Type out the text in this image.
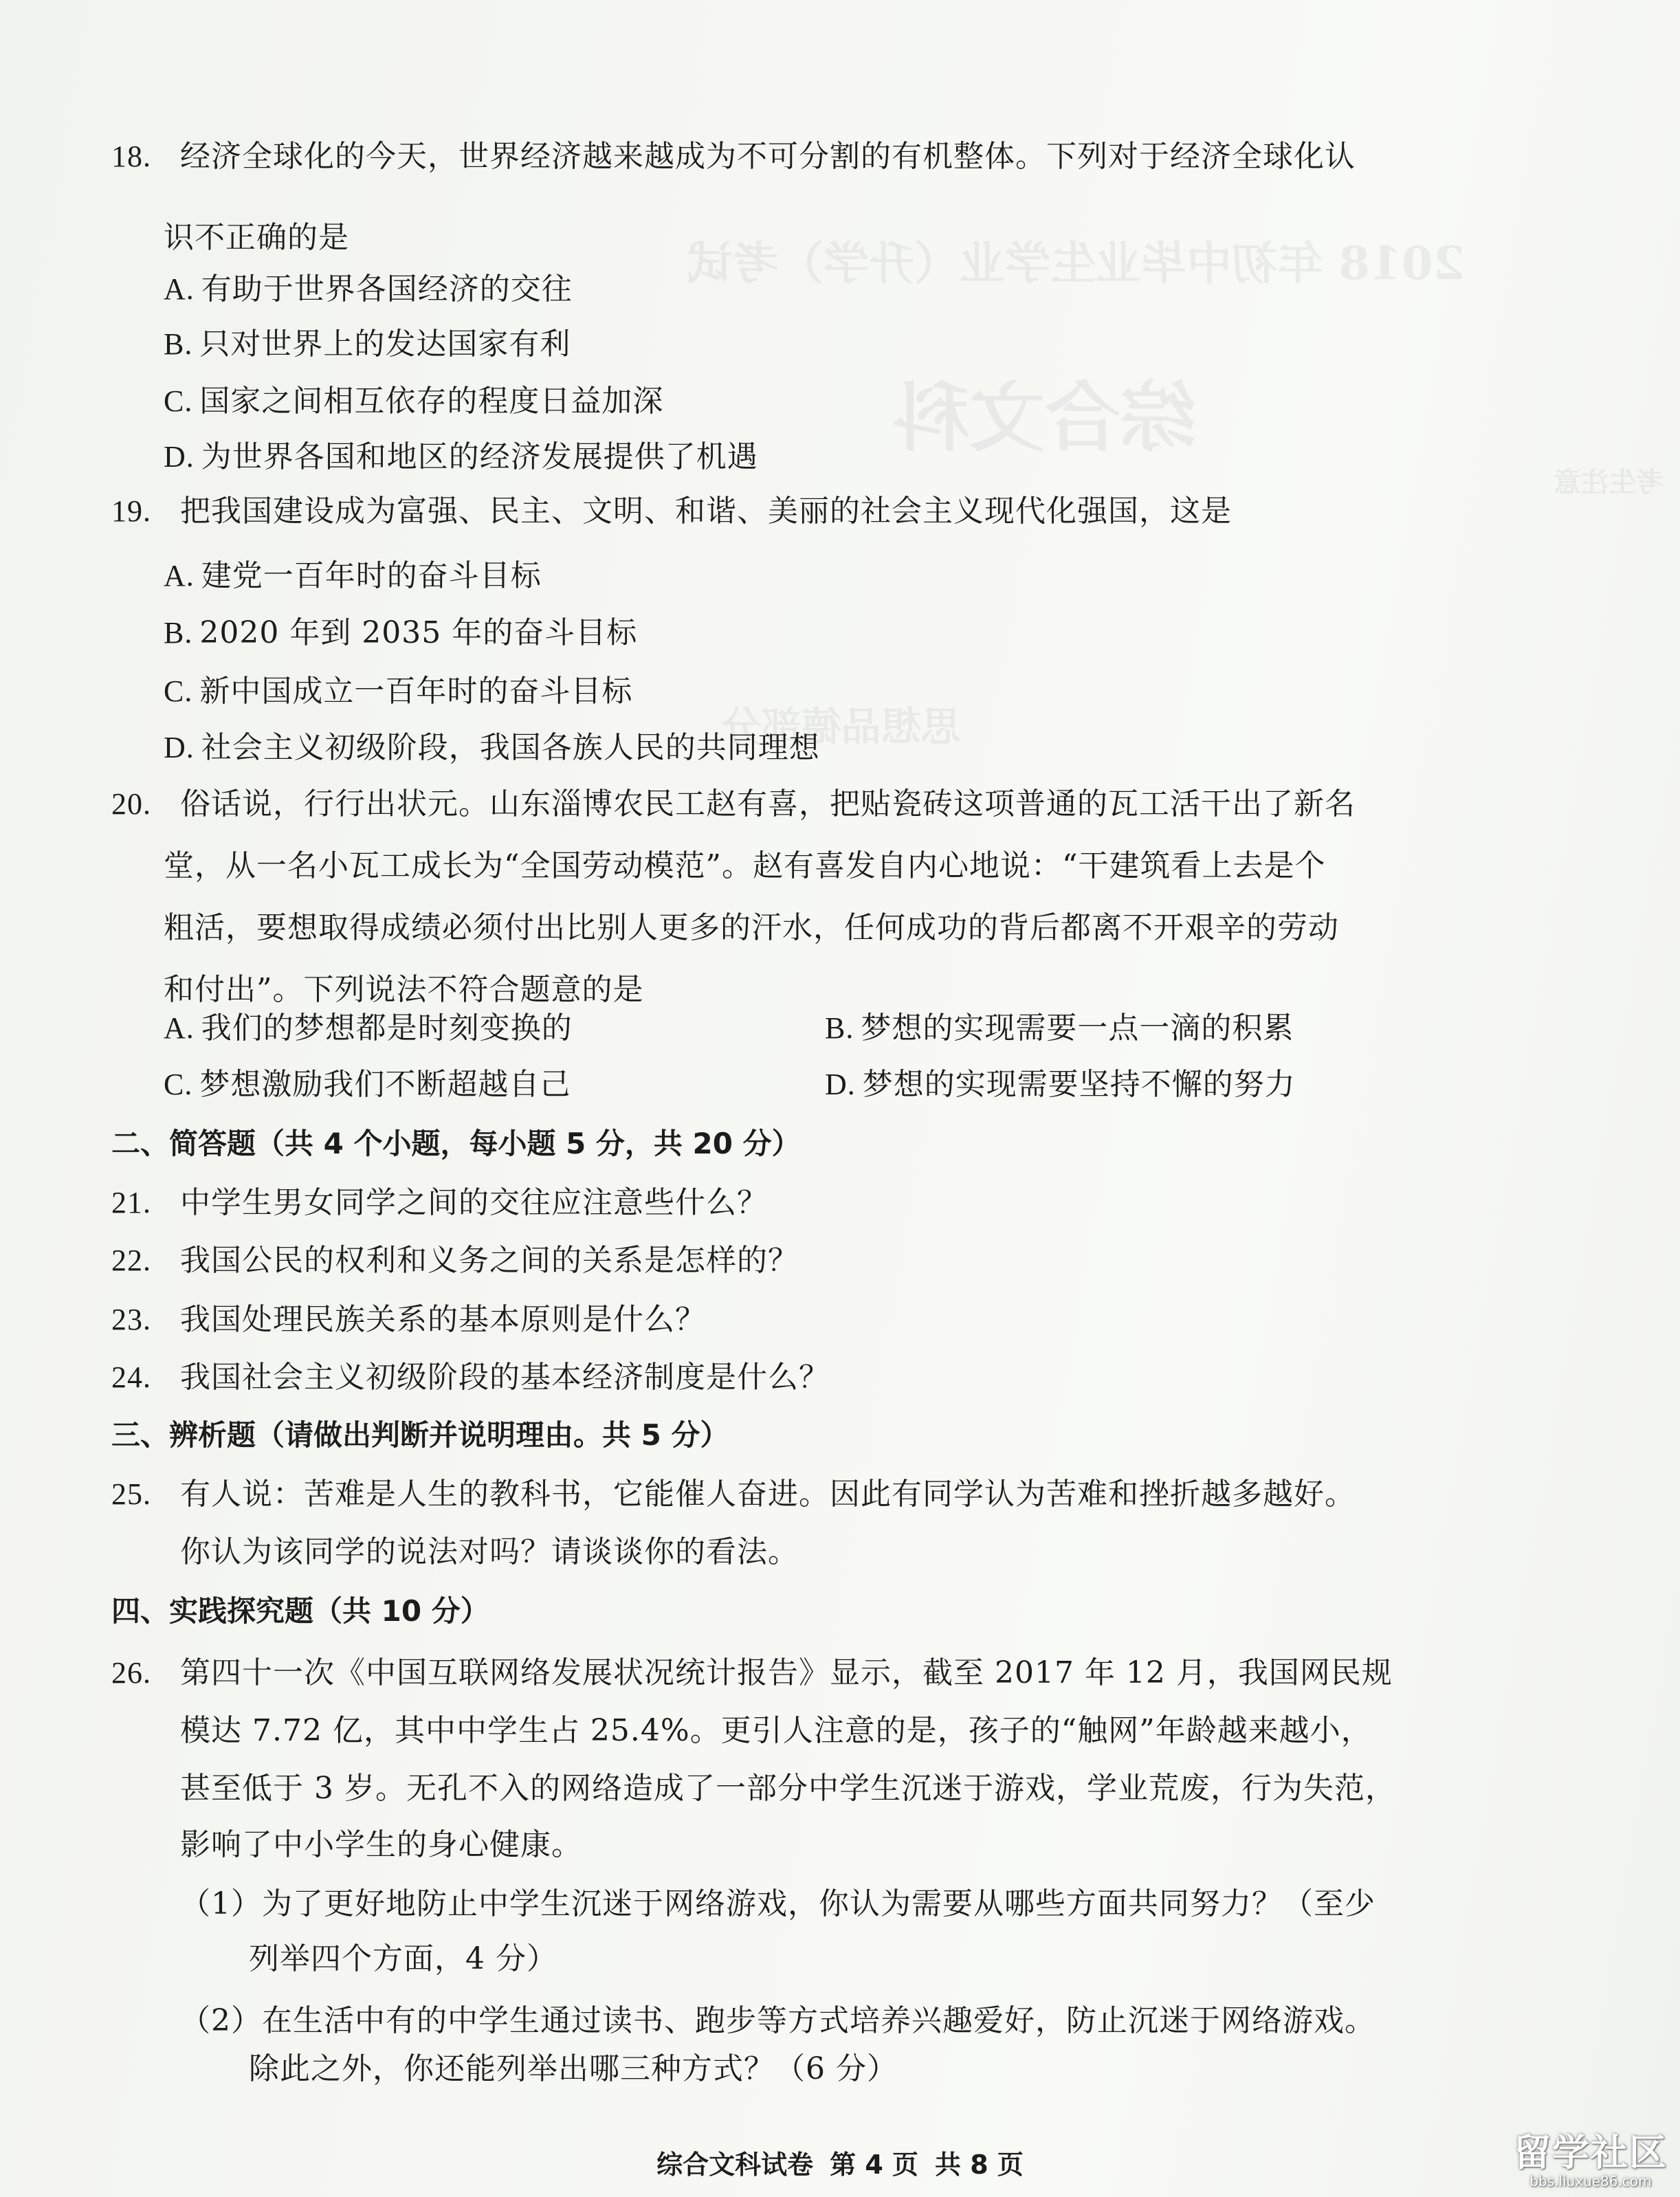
2018 年初中毕业生学业（升学）考试
综合文科
考生注意
思想品德部分
18. 经济全球化的今天，世界经济越来越成为不可分割的有机整体。下列对于经济全球化认
识不正确的是
A. 有助于世界各国经济的交往
B. 只对世界上的发达国家有利
C. 国家之间相互依存的程度日益加深
D. 为世界各国和地区的经济发展提供了机遇
19. 把我国建设成为富强、民主、文明、和谐、美丽的社会主义现代化强国，这是
A. 建党一百年时的奋斗目标
B. 2020 年到 2035 年的奋斗目标
C. 新中国成立一百年时的奋斗目标
D. 社会主义初级阶段，我国各族人民的共同理想
20. 俗话说，行行出状元。山东淄博农民工赵有喜，把贴瓷砖这项普通的瓦工活干出了新名
堂，从一名小瓦工成长为“全国劳动模范”。赵有喜发自内心地说：“干建筑看上去是个
粗活，要想取得成绩必须付出比别人更多的汗水，任何成功的背后都离不开艰辛的劳动
和付出”。下列说法不符合题意的是
A. 我们的梦想都是时刻变换的	B. 梦想的实现需要一点一滴的积累
C. 梦想激励我们不断超越自己	D. 梦想的实现需要坚持不懈的努力
二、简答题（共 4 个小题，每小题 5 分，共 20 分）
21. 中学生男女同学之间的交往应注意些什么？
22. 我国公民的权利和义务之间的关系是怎样的？
23. 我国处理民族关系的基本原则是什么？
24. 我国社会主义初级阶段的基本经济制度是什么？
三、辨析题（请做出判断并说明理由。共 5 分）
25. 有人说：苦难是人生的教科书，它能催人奋进。因此有同学认为苦难和挫折越多越好。
你认为该同学的说法对吗？请谈谈你的看法。
四、实践探究题（共 10 分）
26. 第四十一次《中国互联网络发展状况统计报告》显示，截至 2017 年 12 月，我国网民规
模达 7.72 亿，其中中学生占 25.4%。更引人注意的是，孩子的“触网”年龄越来越小，
甚至低于 3 岁。无孔不入的网络造成了一部分中学生沉迷于游戏，学业荒废，行为失范，
影响了中小学生的身心健康。
（1）为了更好地防止中学生沉迷于网络游戏，你认为需要从哪些方面共同努力？（至少
列举四个方面，4 分）
（2）在生活中有的中学生通过读书、跑步等方式培养兴趣爱好，防止沉迷于网络游戏。
除此之外，你还能列举出哪三种方式？（6 分）
综合文科试卷 第 4 页 共 8 页	留学社区
bbs.liuxue86.com
